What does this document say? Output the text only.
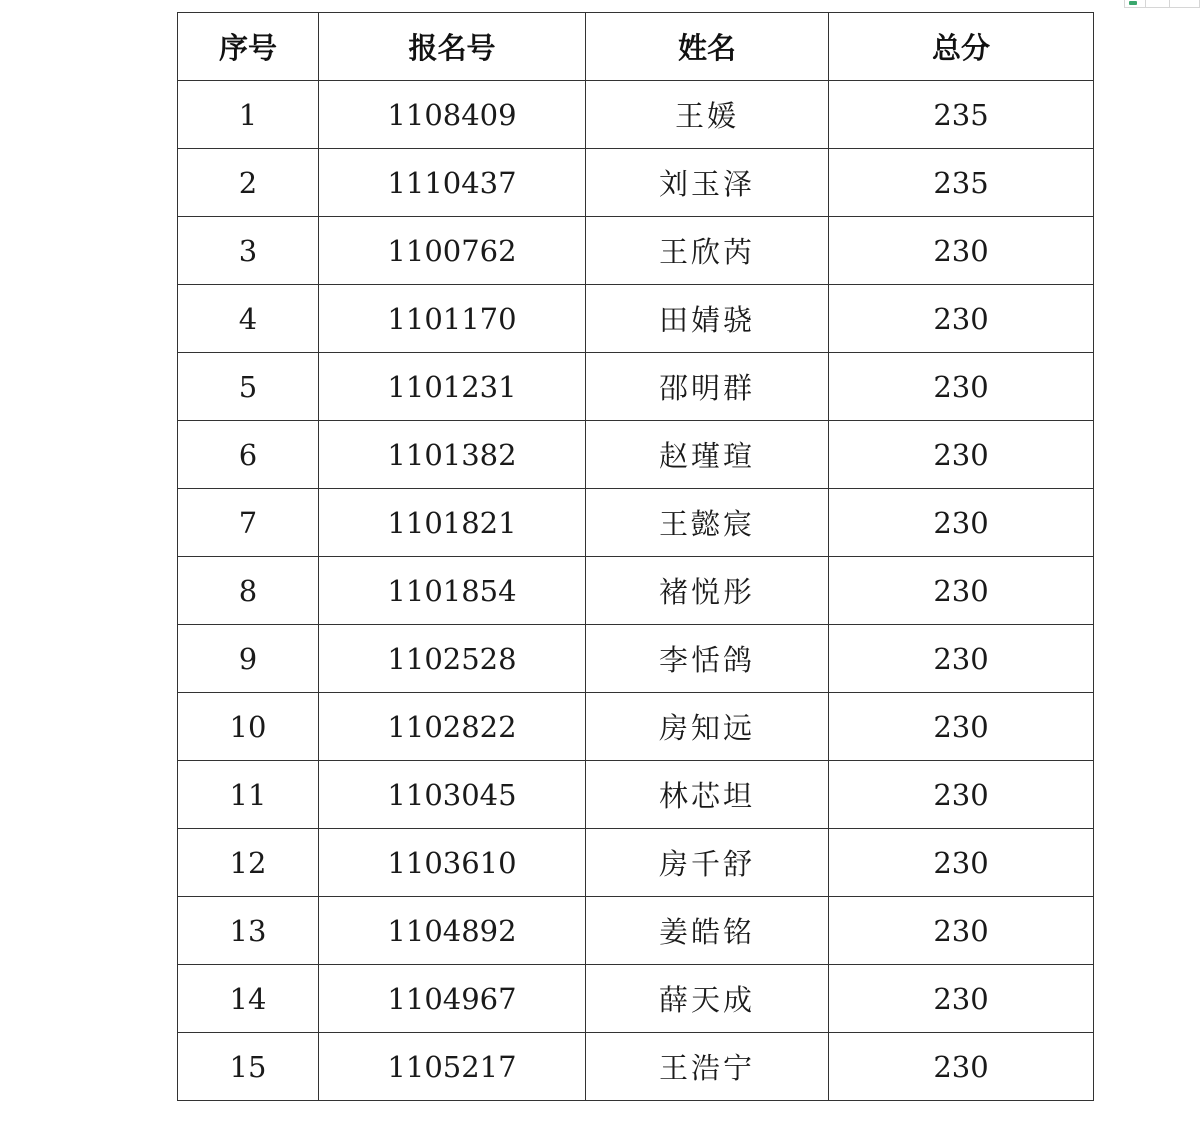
序号	报名号	姓名	总分
1	1108409	王媛	235
2	1110437	刘玉泽	235
3	1100762	王欣芮	230
4	1101170	田婧骁	230
5	1101231	邵明群	230
6	1101382	赵瑾瑄	230
7	1101821	王懿宸	230
8	1101854	褚悦彤	230
9	1102528	李恬鸽	230
10	1102822	房知远	230
11	1103045	林芯坦	230
12	1103610	房千舒	230
13	1104892	姜皓铭	230
14	1104967	薛天成	230
15	1105217	王浩宁	230
